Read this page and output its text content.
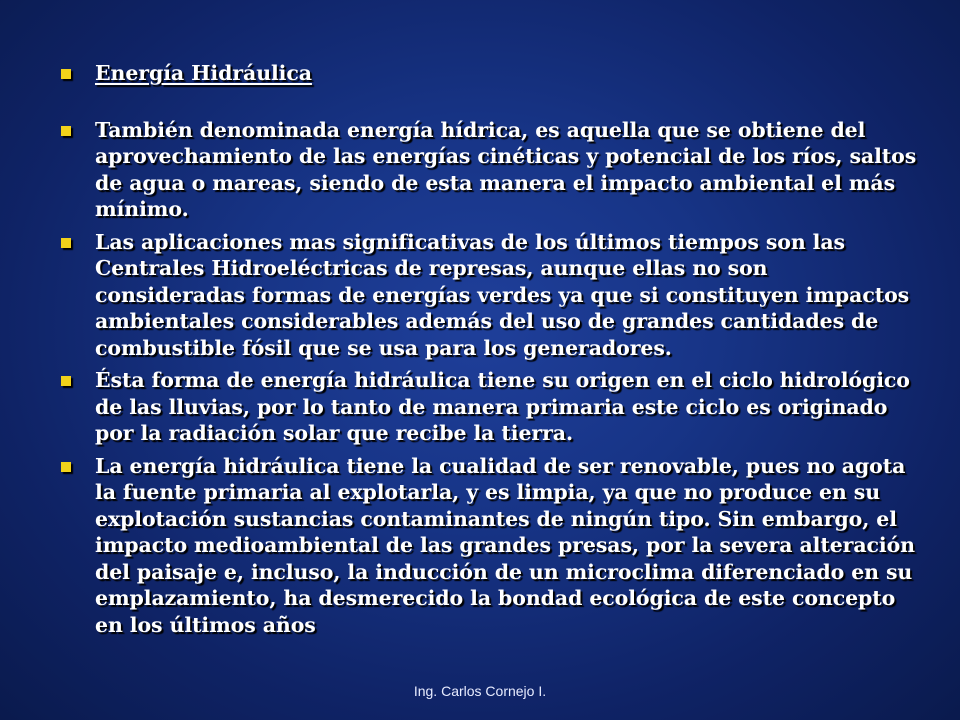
Energía Hidráulica
También denominada energía hídrica, es aquella que se obtiene del aprovechamiento de las energías cinéticas y potencial de los ríos, saltos de agua o mareas, siendo de esta manera el impacto ambiental el más mínimo.
Las aplicaciones mas significativas de los últimos tiempos son las Centrales Hidroeléctricas de represas, aunque ellas no son consideradas formas de energías verdes ya que si constituyen impactos ambientales considerables además del uso de grandes cantidades de combustible fósil que se usa para los generadores.
Ésta forma de energía hidráulica tiene su origen en el ciclo hidrológico de las lluvias, por lo tanto de manera primaria este ciclo es originado por la radiación solar que recibe la tierra.
La energía hidráulica tiene la cualidad de ser renovable, pues no agota la fuente primaria al explotarla, y es limpia, ya que no produce en su explotación sustancias contaminantes de ningún tipo. Sin embargo, el impacto medioambiental de las grandes presas, por la severa alteración del paisaje e, incluso, la inducción de un microclima diferenciado en su emplazamiento, ha desmerecido la bondad ecológica de este concepto en los últimos años
Ing. Carlos Cornejo I.
